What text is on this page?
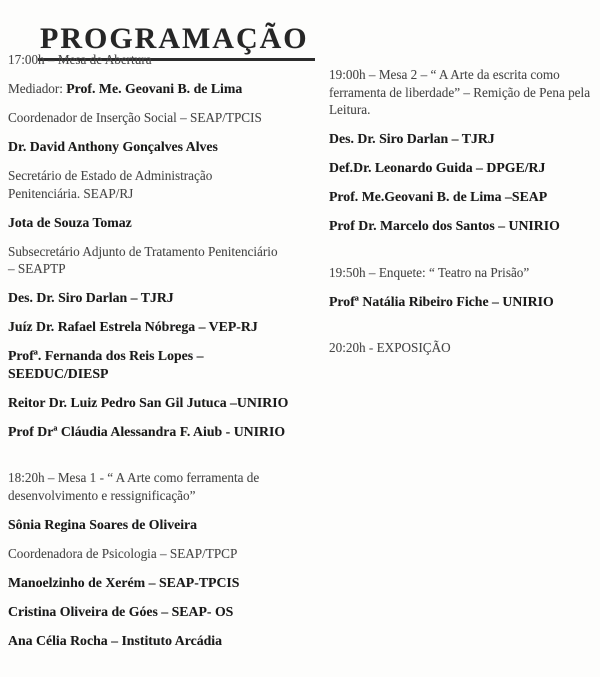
PROGRAMAÇÃO
17:00h – Mesa de Abertura
Mediador: Prof. Me. Geovani B. de Lima
Coordenador de Inserção Social – SEAP/TPCIS
Dr. David Anthony Gonçalves Alves
Secretário de Estado de Administração
Penitenciária. SEAP/RJ
Jota de Souza Tomaz
Subsecretário Adjunto de Tratamento Penitenciário
– SEAPTP
Des. Dr. Siro Darlan – TJRJ
Juíz Dr. Rafael Estrela Nóbrega – VEP-RJ
Profª. Fernanda dos Reis Lopes –
SEEDUC/DIESP
Reitor Dr. Luiz Pedro San Gil Jutuca –UNIRIO
Prof Drª Cláudia Alessandra F. Aiub - UNIRIO
18:20h – Mesa 1 - “ A Arte como ferramenta de
desenvolvimento e ressignificação”
Sônia Regina Soares de Oliveira
Coordenadora de Psicologia – SEAP/TPCP
Manoelzinho de Xerém – SEAP-TPCIS
Cristina Oliveira de Góes – SEAP- OS
Ana Célia Rocha – Instituto Arcádia
19:00h – Mesa 2 – “ A Arte da escrita como
ferramenta de liberdade” – Remição de Pena pela
Leitura.
Des. Dr. Siro Darlan – TJRJ
Def.Dr. Leonardo Guida – DPGE/RJ
Prof. Me.Geovani B. de Lima –SEAP
Prof Dr. Marcelo dos Santos – UNIRIO
19:50h – Enquete: “ Teatro na Prisão”
Profª Natália Ribeiro Fiche – UNIRIO
20:20h - EXPOSIÇÃO
